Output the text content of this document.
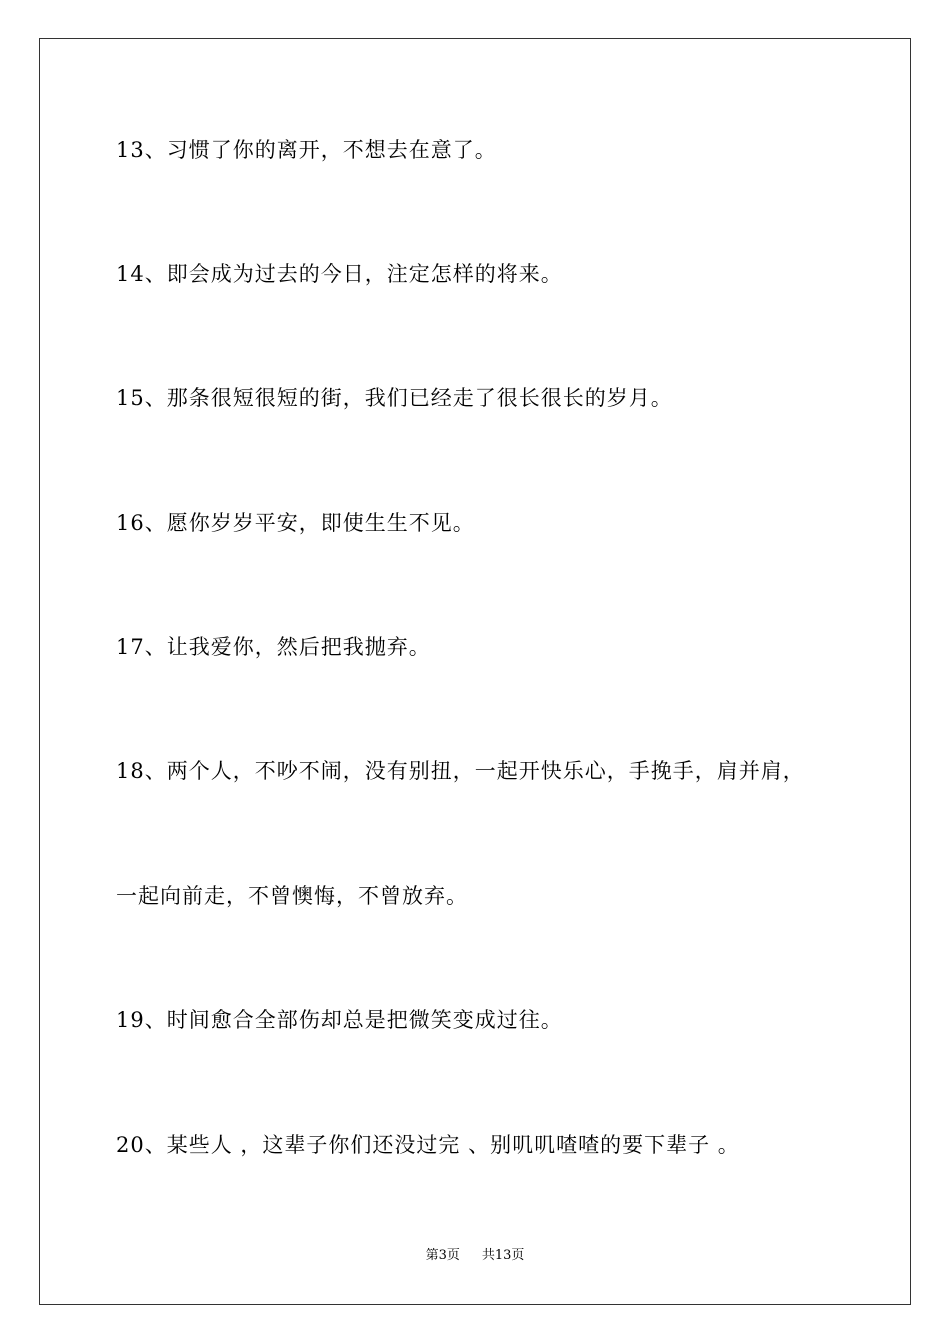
13、习惯了你的离开，不想去在意了。
14、即会成为过去的今日，注定怎样的将来。
15、那条很短很短的街，我们已经走了很长很长的岁月。
16、愿你岁岁平安，即使生生不见。
17、让我爱你，然后把我抛弃。
18、两个人，不吵不闹，没有别扭，一起开快乐心，手挽手，肩并肩，
一起向前走，不曾懊悔，不曾放弃。
19、时间愈合全部伤却总是把微笑变成过往。
20、某些人 ，这辈子你们还没过完 、别叽叽喳喳的要下辈子 。
第3页 共13页
